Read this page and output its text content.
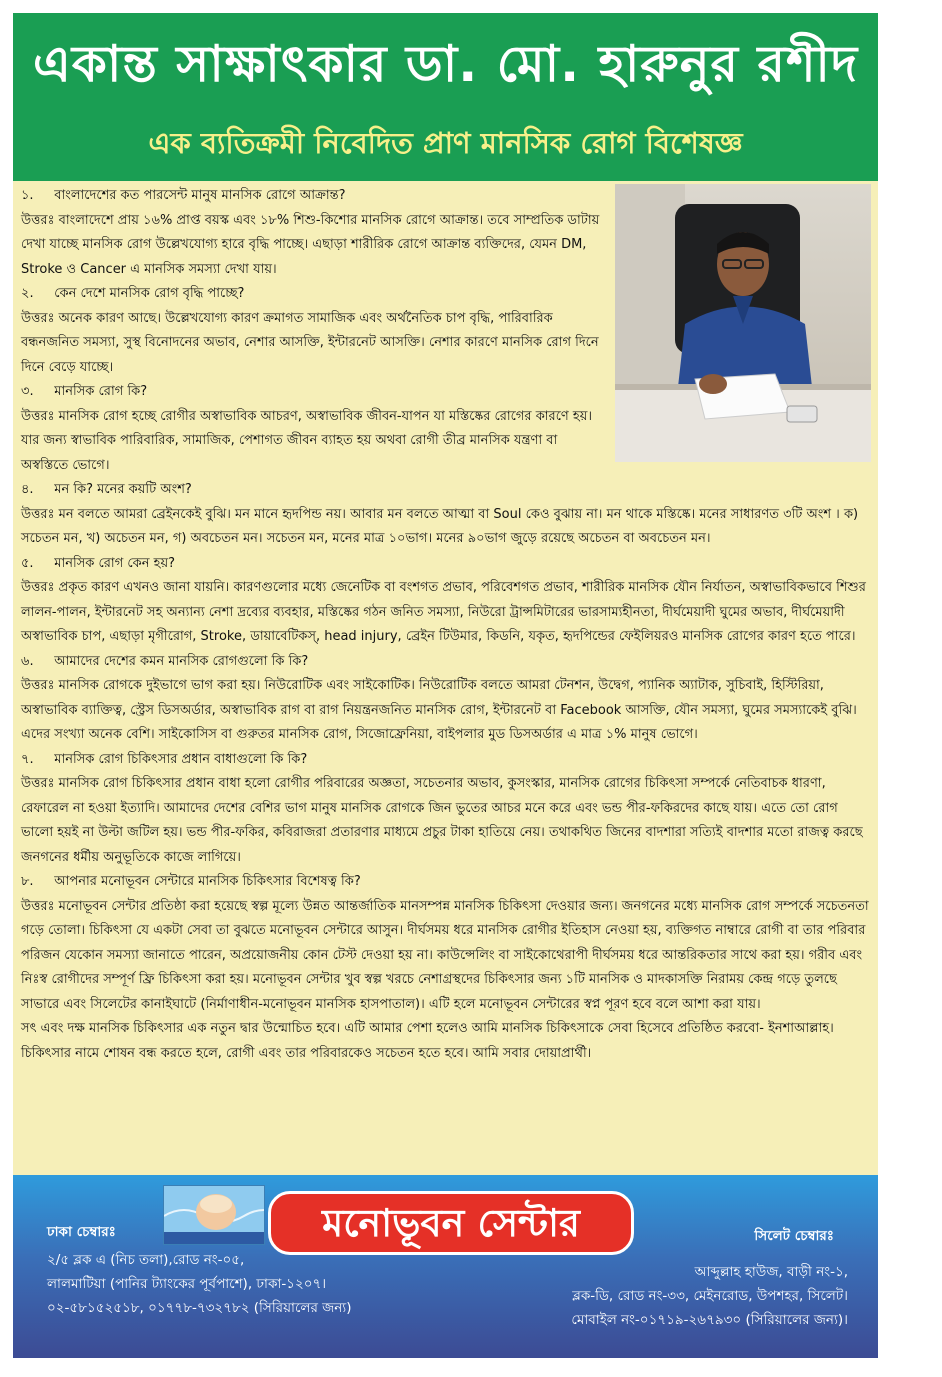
একান্ত সাক্ষাৎকার ডা. মো. হারুনুর রশীদ
এক ব্যতিক্রমী নিবেদিত প্রাণ মানসিক রোগ বিশেষজ্ঞ

১.     বাংলাদেশের কত পারসেন্ট মানুষ মানসিক রোগে আক্রান্ত?

উত্তরঃ বাংলাদেশে প্রায় ১৬% প্রাপ্ত বয়স্ক এবং ১৮% শিশু-কিশোর মানসিক রোগে আক্রান্ত। তবে সাম্প্রতিক ডাটায় দেখা যাচ্ছে মানসিক রোগ উল্লেখযোগ্য হারে বৃদ্ধি পাচ্ছে। এছাড়া শারীরিক রোগে আক্রান্ত ব্যক্তিদের, যেমন DM, Stroke ও Cancer এ মানসিক সমস্যা দেখা যায়।

২.     কেন দেশে মানসিক রোগ বৃদ্ধি পাচ্ছে?

উত্তরঃ অনেক কারণ আছে। উল্লেখযোগ্য কারণ ক্রমাগত সামাজিক এবং অর্থনৈতিক চাপ বৃদ্ধি, পারিবারিক বন্ধনজনিত সমস্যা, সুস্থ বিনোদনের অভাব, নেশার আসক্তি, ইন্টারনেট আসক্তি। নেশার কারণে মানসিক রোগ দিনে দিনে বেড়ে যাচ্ছে।

৩.     মানসিক রোগ কি?

উত্তরঃ মানসিক রোগ হচ্ছে রোগীর অস্বাভাবিক আচরণ, অস্বাভাবিক জীবন-যাপন যা মস্তিষ্কের রোগের কারণে হয়। যার জন্য স্বাভাবিক পারিবারিক, সামাজিক, পেশাগত জীবন ব্যাহত হয় অথবা রোগী তীব্র মানসিক যন্ত্রণা বা অস্বস্তিতে ভোগে।

৪.     মন কি? মনের কয়টি অংশ?

উত্তরঃ মন বলতে আমরা ব্রেইনকেই বুঝি। মন মানে হৃদপিন্ড নয়। আবার মন বলতে আত্মা বা Soul কেও বুঝায় না। মন থাকে মস্তিষ্কে। মনের সাধারণত ৩টি অংশ । ক) সচেতন মন, খ) অচেতন মন, গ) অবচেতন মন। সচেতন মন, মনের মাত্র ১০ভাগ। মনের ৯০ভাগ জুড়ে রয়েছে অচেতন বা অবচেতন মন।

৫.     মানসিক রোগ কেন হয়?

উত্তরঃ প্রকৃত কারণ এখনও জানা যায়নি। কারণগুলোর মধ্যে জেনেটিক বা বংশগত প্রভাব, পরিবেশগত প্রভাব, শারীরিক মানসিক যৌন নির্যাতন, অস্বাভাবিকভাবে শিশুর লালন-পালন, ইন্টারনেট সহ অন্যান্য নেশা দ্রব্যের ব্যবহার, মস্তিষ্কের গঠন জনিত সমস্যা, নিউরো ট্রান্সমিটারের ভারসাম্যহীনতা, দীর্ঘমেয়াদী ঘুমের অভাব, দীর্ঘমেয়াদী অস্বাভাবিক চাপ, এছাড়া মৃগীরোগ, Stroke, ডায়াবেটিকস্‌, head injury, ব্রেইন টিউমার, কিডনি, যকৃত, হৃদপিন্ডের ফেইলিয়রও মানসিক রোগের কারণ হতে পারে।

৬.     আমাদের দেশের কমন মানসিক রোগগুলো কি কি?

উত্তরঃ মানসিক রোগকে দুইভাগে ভাগ করা হয়। নিউরোটিক এবং সাইকোটিক। নিউরোটিক বলতে আমরা টেনশন, উদ্বেগ, প্যানিক অ্যাটাক, সুচিবাই, হিস্টিরিয়া, অস্বাভাবিক ব্যাক্তিত্ব, স্ট্রেস ডিসঅর্ডার, অস্বাভাবিক রাগ বা রাগ নিয়ন্ত্রনজনিত মানসিক রোগ, ইন্টারনেট বা Facebook আসক্তি, যৌন সমস্যা, ঘুমের সমস্যাকেই বুঝি। এদের সংখ্যা অনেক বেশি। সাইকোসিস বা গুরুতর মানসিক রোগ, সিজোফ্রেনিয়া, বাইপলার মুড ডিসঅর্ডার এ মাত্র ১% মানুষ ভোগে।

৭.     মানসিক রোগ চিকিৎসার প্রধান বাধাগুলো কি কি?

উত্তরঃ মানসিক রোগ চিকিৎসার প্রধান বাধা হলো রোগীর পরিবারের অজ্ঞতা, সচেতনার অভাব, কুসংস্কার, মানসিক রোগের চিকিৎসা সম্পর্কে নেতিবাচক ধারণা, রেফারেল না হওয়া ইত্যাদি। আমাদের দেশের বেশির ভাগ মানুষ মানসিক রোগকে জিন ভুতের আচর মনে করে এবং ভন্ড পীর-ফকিরদের কাছে যায়। এতে তো রোগ ভালো হয়ই না উল্টা জটিল হয়। ভন্ড পীর-ফকির, কবিরাজরা প্রতারণার মাধ্যমে প্রচুর টাকা হাতিয়ে নেয়। তথাকথিত জিনের বাদশারা সত্যিই বাদশার মতো রাজত্ব করছে জনগনের ধর্মীয় অনুভূতিকে কাজে লাগিয়ে।

৮.     আপনার মনোভূবন সেন্টারে মানসিক চিকিৎসার বিশেষত্ব কি?

উত্তরঃ মনোভূবন সেন্টার প্রতিষ্ঠা করা হয়েছে স্বল্প মূল্যে উন্নত আন্তর্জাতিক মানসম্পন্ন মানসিক চিকিৎসা দেওয়ার জন্য। জনগনের মধ্যে মানসিক রোগ সম্পর্কে সচেতনতা গড়ে তোলা। চিকিৎসা যে একটা সেবা তা বুঝতে মনোভূবন সেন্টারে আসুন। দীর্ঘসময় ধরে মানসিক রোগীর ইতিহাস নেওয়া হয়, ব্যক্তিগত নাম্বারে রোগী বা তার পরিবার পরিজন যেকোন সমস্যা জানাতে পারেন, অপ্রয়োজনীয় কোন টেস্ট দেওয়া হয় না। কাউন্সেলিং বা সাইকোথেরাপী দীর্ঘসময় ধরে আন্তরিকতার সাথে করা হয়। গরীব এবং নিঃস্ব রোগীদের সম্পূর্ণ ফ্রি চিকিৎসা করা হয়। মনোভূবন সেন্টার খুব স্বল্প খরচে নেশাগ্রস্থদের চিকিৎসার জন্য ১টি মানসিক ও মাদকাসক্তি নিরাময় কেন্দ্র গড়ে তুলছে সাভারে এবং সিলেটের কানাইঘাটে (নির্মাণাধীন-মনোভূবন মানসিক হাসপাতাল)। এটি হলে মনোভূবন সেন্টারের স্বপ্ন পূরণ হবে বলে আশা করা যায়।

সৎ এবং দক্ষ মানসিক চিকিৎসার এক নতুন দ্বার উন্মোচিত হবে। এটি আমার পেশা হলেও আমি মানসিক চিকিৎসাকে সেবা হিসেবে প্রতিষ্ঠিত করবো- ইনশাআল্লাহ। চিকিৎসার নামে শোষন বন্ধ করতে হলে, রোগী এবং তার পরিবারকেও সচেতন হতে হবে। আমি সবার দোয়াপ্রার্থী।

মনোভূবন সেন্টার
ঢাকা চেম্বারঃ
২/৫ ব্লক এ (নিচ তলা),রোড নং-০৫,
লালমাটিয়া (পানির ট্যাংকের পূর্বপাশে), ঢাকা-১২০৭।
০২-৫৮১৫২৫১৮, ০১৭৭৮-৭৩২৭৮২ (সিরিয়ালের জন্য)
সিলেট চেম্বারঃ
আব্দুল্লাহ হাউজ, বাড়ী নং-১,
ব্লক-ডি, রোড নং-৩৩, মেইনরোড, উপশহর, সিলেট।
মোবাইল নং-০১৭১৯-২৬৭৯৩০ (সিরিয়ালের জন্য)।
